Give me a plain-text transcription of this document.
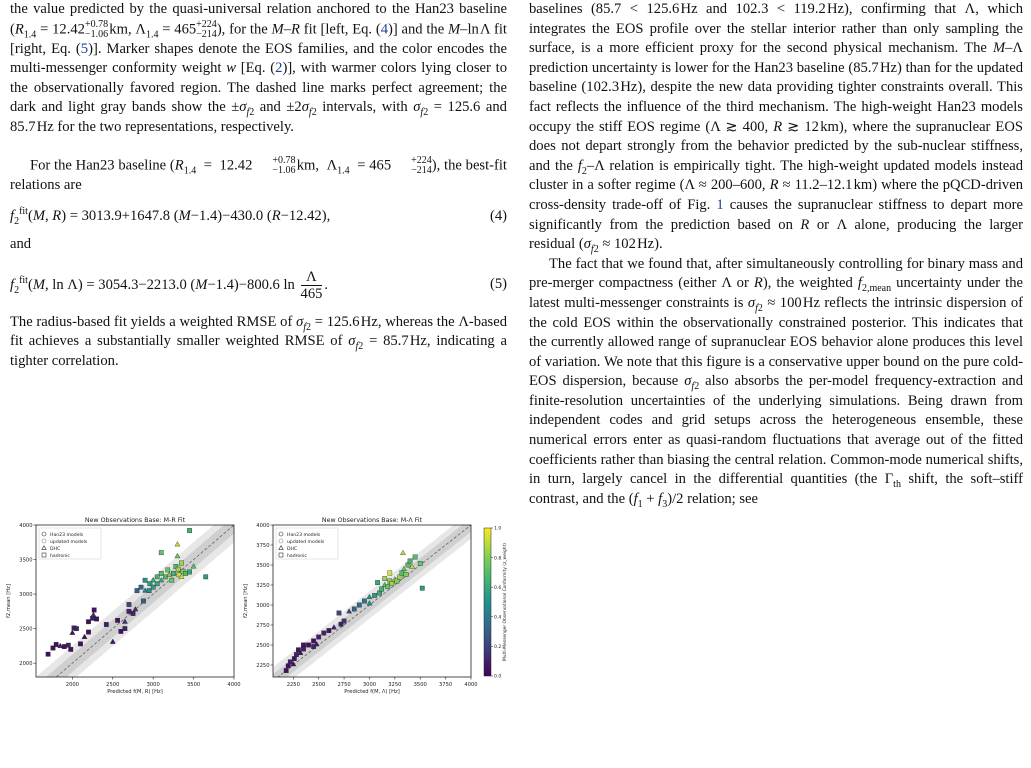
the value predicted by the quasi-universal relation anchored to the Han23 baseline ($R_{1.4} = 12.42 +0.78$
−1.06  km, $\Lambda_{1.4} = 465 +224$
−214 ), for the M–R fit [left, Eq. (4)] and the M–ln Λ fit [right, Eq. (5)]. Marker shapes denote the EOS families, and the color encodes the multi-messenger conformity weight w [Eq. (2)], with warmer colors lying closer to the observationally favored region. The dashed line marks perfect agreement; the dark and light gray bands show the $\pm\sigma_{f2}$ and $\pm 2\sigma_{f2}$ intervals, with $\sigma_{f2} = 125.6$ and 85.7 Hz for the two representations, respectively.

For the Han23 baseline ($R_{1.4} = 12.42$	+0.78
−1.06  km,  $\Lambda_{1.4} = 465$	+224
−214 ), the best-fit relations are

$f_2^{fit}(M$, R) = 3013.9+1647.8 (M−1.4)−430.0 (R−12.42),	(4)

and

$f_2^{fit}(M$, ln Λ) = 3054.3−2213.0 (M−1.4)−800.6 $\ln \frac{\Lambda}{465}$ .	(5)

The radius-based fit yields a weighted RMSE of $\sigma_{f2} = 125.6$ Hz, whereas the Λ-based fit achieves a substantially smaller weighted RMSE of $\sigma_{f2} = 85.7$ Hz, indicating a tighter correlation.

2000	2500	3000	3500	4000
2000
2500
3000
3500
4000
New Observations Base: M-R Fit
Predicted f(M, R) [Hz]
f2,mean [Hz]
Han23 models
updated models
DHC
hadronic
2250 2500 2750 3000 3250 3500 3750 4000
2250
2500
2750
3000
3250
3500
3750
4000
New Observations Base: M-Λ Fit
Predicted f(M, Λ) [Hz]
f2,mean [Hz]
Han23 models
updated models
DHC
hadronic
0.0
0.2
0.4
0.6
0.8
1.0
Multi-Messenger Observational Conformity (z_weight)

baselines (85.7 < 125.6 Hz and 102.3 < 119.2 Hz), confirming that Λ, which integrates the EOS profile over the stellar interior rather than only sampling the surface, is a more efficient proxy for the second physical mechanism. The M–Λ prediction uncertainty is lower for the Han23 baseline (85.7 Hz) than for the updated baseline (102.3 Hz), despite the new data providing tighter constraints overall. This fact reflects the influence of the third mechanism. The high-weight Han23 models occupy the stiff EOS regime (Λ ≳ 400, R ≳ 12 km), where the supranuclear EOS does not depart strongly from the behavior predicted by the sub-nuclear stiffness, and the $f_2-\Lambda$ relation is empirically tight. The high-weight updated models instead cluster in a softer regime (Λ ≈ 200–600, R ≈ 11.2–12.1 km) where the pQCD-driven cross-density trade-off of Fig. 1 causes the supranuclear stiffness to depart more significantly from the prediction based on R or Λ alone, producing the larger residual ($\sigma_{f2} \approx 102$ Hz).

The fact that we found that, after simultaneously controlling for binary mass and pre-merger compactness (either Λ or R), the weighted $f_{2,mean}$ uncertainty under the latest multi-messenger constraints is $\sigma_{f2} \approx 100$ Hz reflects the intrinsic dispersion of the cold EOS within the observationally constrained posterior. This indicates that the currently allowed range of supranuclear EOS behavior alone produces this level of variation. We note that this figure is a conservative upper bound on the pure cold-EOS dispersion, because $\sigma_{f2}$ also absorbs the per-model frequency-extraction and finite-resolution uncertainties of the underlying simulations. Being drawn from independent codes and grid setups across the heterogeneous ensemble, these numerical errors enter as quasi-random fluctuations that average out of the fitted coefficients rather than biasing the central relation. Common-mode numerical shifts, in turn, largely cancel in the differential quantities (the $\Gamma_{th}$ shift, the soft–stiff contrast, and the $(f_1 + f_3)/2$ relation; see
